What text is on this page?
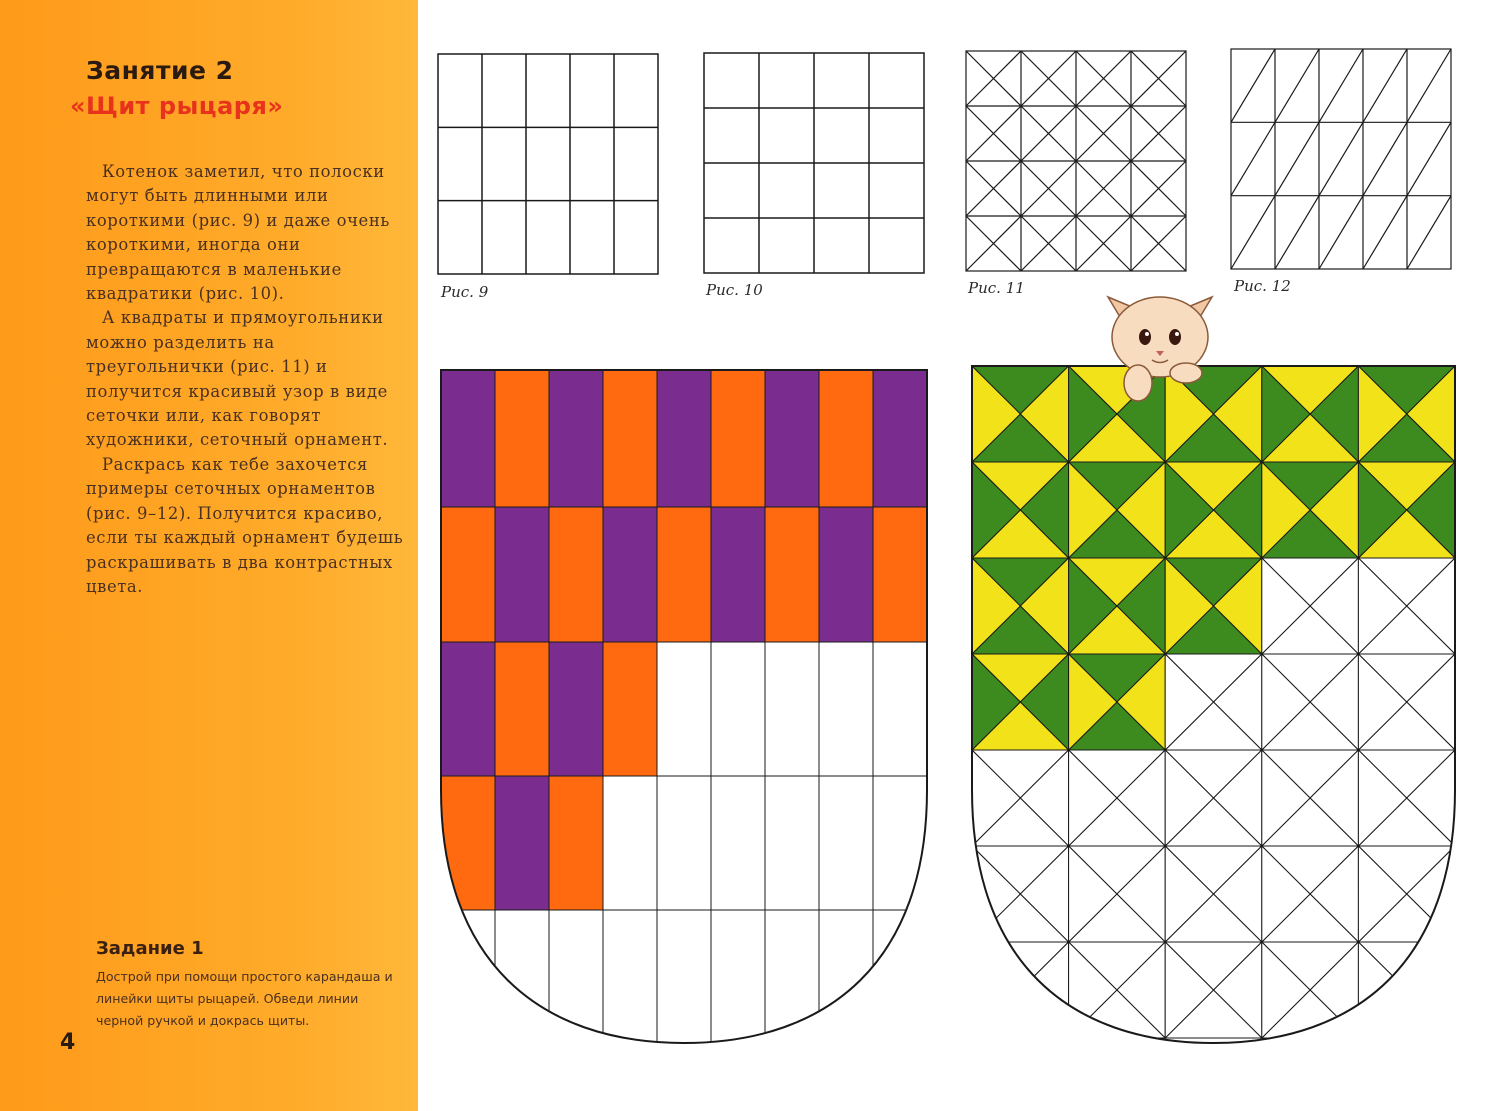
Занятие 2
«Щит рыцаря»

Котенок заметил, что полоски могут быть длинными или короткими (рис. 9) и даже очень короткими, иногда они превращаются в маленькие квадратики (рис. 10).

А квадраты и прямоугольники можно разделить на треугольнички (рис. 11) и получится красивый узор в виде сеточки или, как говорят художники, сеточный орнамент.

Раскрась как тебе захочется примеры сеточных орнаментов (рис. 9–12). Получится красиво, если ты каждый орнамент будешь раскрашивать в два контрастных цвета.

Задание 1
Дострой при помощи простого карандаша и линейки щиты рыцарей. Обведи линии черной ручкой и докрась щиты.
4
Рис. 9	Рис. 10	Рис. 11	Рис. 12
